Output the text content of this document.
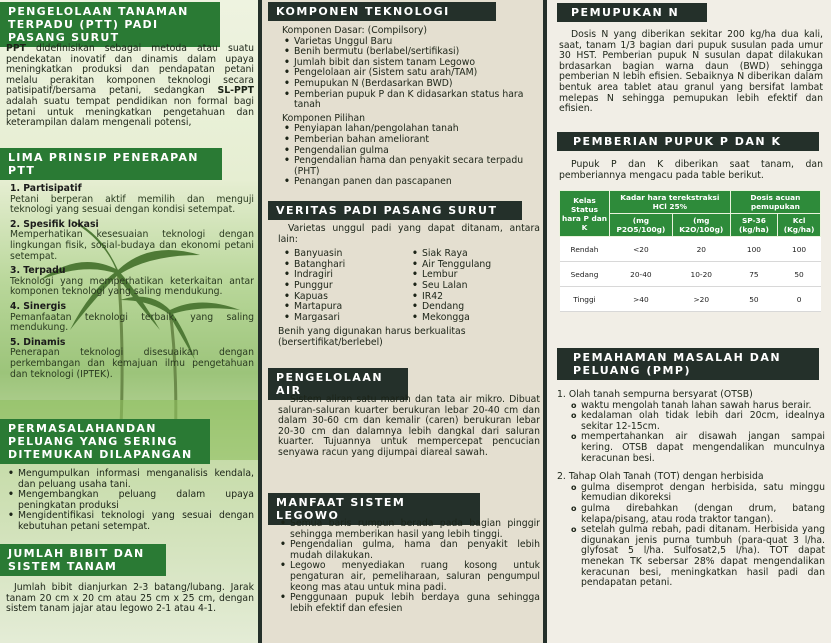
PENGELOLAAN TANAMAN TERPADU (PTT) PADI PASANG SURUT
PPT didefinisikan sebagai metoda atau suatu pendekatan inovatif dan dinamis dalam upaya meningkatkan produksi dan pendapatan petani melalu perakitan komponen teknologi secara patisipatif/bersama petani, sedangkan SL-PPT adalah suatu tempat pendidikan non formal bagi petani untuk meningkatkan pengetahuan dan keterampilan dalam mengenali potensi,
LIMA PRINSIP PENERAPAN PTT
1. Partisipatif
Petani berperan aktif memilih dan menguji teknologi yang sesuai dengan kondisi setempat.
2. Spesifik lokasi
Memperhatikan kesesuaian teknologi dengan lingkungan fisik, sosial-budaya dan ekonomi petani setempat.
3. Terpadu
Teknologi yang memperhatikan keterkaitan antar komponen teknologi yang saling mendukung.
4. Sinergis
Pemanfaatan teknologi terbaik, yang saling mendukung.
5. Dinamis
Penerapan teknologi disesuaikan dengan perkembangan dan kemajuan ilmu pengetahuan dan teknologi (IPTEK).
PERMASALAHANDAN PELUANG YANG SERING DITEMUKAN DILAPANGAN
• Mengumpulkan informasi menganalisis kendala, dan peluang usaha tani.
• Mengembangkan peluang dalam upaya peningkatan produksi
• Mengidentifikasi teknologi yang sesuai dengan kebutuhan petani setempat.
JUMLAH BIBIT DAN SISTEM TANAM
Jumlah bibit dianjurkan 2-3 batang/lubang. Jarak tanam 20 cm x 20 cm atau 25 cm x 25 cm, dengan sistem tanam jajar atau legowo 2-1 atau 4-1.
KOMPONEN TEKNOLOGI
Komponen Dasar: (Compilsory)
• Varietas Unggul Baru
• Benih bermutu (berlabel/sertifikasi)
• Jumlah bibit dan sistem tanam Legowo
• Pengelolaan air (Sistem satu arah/TAM)
• Pemupukan N (Berdasarkan BWD)
• Pemberian pupuk P dan K didasarkan status hara tanah
Komponen Pilihan
• Penyiapan lahan/pengolahan tanah
• Pemberian bahan ameliorant
• Pengendalian gulma
• Pengendalian hama dan penyakit secara terpadu (PHT)
• Penangan panen dan pascapanen
VERITAS PADI PASANG SURUT
Varietas unggul padi yang dapat ditanam, antara lain:
• Banyuasin
• Batanghari
• Indragiri
• Punggur
• Kapuas
• Martapura
• Margasari
• Siak Raya
• Air Tenggulang
• Lembur
• Seu Lalan
• IR42
• Dendang
• Mekongga
Benih yang digunakan harus berkualitas (bersertifikat/berlebel)
PENGELOLAAN AIR
Sistem aliran satu marah dan tata air mikro. Dibuat saluran-saluran kuarter berukuran lebar 20-40 cm dan dalam 30-60 cm dan kemalir (caren) berukuran lebar 20-30 cm dan dalamnya lebih dangkal dari saluran kuarter. Tujuannya untuk mempercepat pencucian senyawa racun yang dijumpai diareal sawah.
MANFAAT SISTEM LEGOWO
• Semua baris rumpun berada pada bagian pinggir sehingga memberikan hasil yang lebih tinggi.
• Pengendalian gulma, hama dan penyakit lebih mudah dilakukan.
• Legowo menyediakan ruang kosong untuk pengaturan air, pemeliharaan, saluran pengumpul keong mas atau untuk mina padi.
• Penggunaan pupuk lebih berdaya guna sehingga lebih efektif dan efesien
PEMUPUKAN N
Dosis N yang diberikan sekitar 200 kg/ha dua kali, saat, tanam 1/3 bagian dari pupuk susulan pada umur 30 HST. Pemberian pupuk N susulan dapat dilakukan brdasarkan bagian warna daun (BWD) sehingga pemberian N lebih efisien. Sebaiknya N diberikan dalam bentuk area tablet atau granul yang bersifat lambat melepas N sehingga pemupukan lebih efektif dan efisien.
PEMBERIAN PUPUK P DAN K
Pupuk P dan K diberikan saat tanam, dan pemberiannya mengacu pada table berikut.
Kelas Status hara P dan K	Kadar hara terekstraksi HCl 25%		Dosis acuan pemupukan	
	(mg P2O5/100g)	(mg K2O/100g)	SP-36 (kg/ha)	Kcl (Kg/ha)
Rendah	<20	20	100	100
Sedang	20-40	10-20	75	50
Tinggi	>40	>20	50	0
PEMAHAMAN MASALAH DAN PELUANG (PMP)
1. Olah tanah sempurna bersyarat (OTSB)
o waktu mengolah tanah lahan sawah harus berair.
o kedalaman olah tidak lebih dari 20cm, idealnya sekitar 12-15cm.
o mempertahankan air disawah jangan sampai kering. OTSB dapat mengendalikan munculnya keracunan besi.
2. Tahap Olah Tanah (TOT) dengan herbisida
o gulma disemprot dengan herbisida, satu minggu kemudian dikoreksi
o gulma direbahkan (dengan drum, batang kelapa/pisang, atau roda traktor tangan).
o setelah gulma rebah, padi ditanam. Herbisida yang digunakan jenis purna tumbuh (para-quat 3 l/ha. glyfosat 5 l/ha. Sulfosat2,5 l/ha). TOT dapat menekan TK sebersar 28% dapat mengendalikan keracunan besi, meningkatkan hasil padi dan pendapatan petani.
